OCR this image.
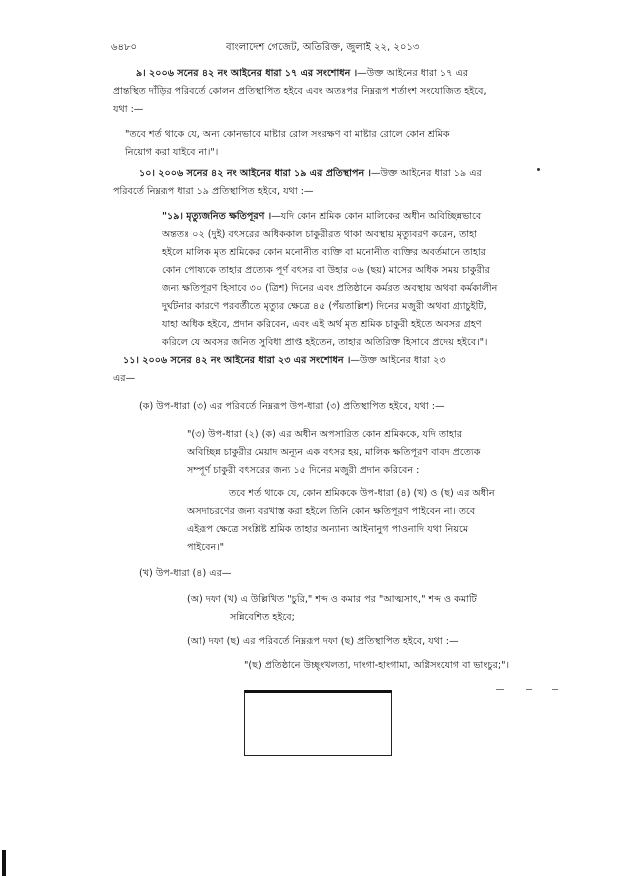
৬৪৮০	বাংলাদেশ গেজেট, অতিরিক্ত, জুলাই ২২, ২০১৩
৯। ২০০৬ সনের ৪২ নং আইনের ধারা ১৭ এর সংশোধন ।—উক্ত আইনের ধারা ১৭ এর
প্রান্তস্থিত দাঁড়ির পরিবর্তে কোলন প্রতিস্থাপিত হইবে এবং অতঃপর নিম্নরূপ শর্তাংশ সংযোজিত হইবে,
যথা :—
"তবে শর্ত থাকে যে, অন্য কোনভাবে মাষ্টার রোল সংরক্ষণ বা মাষ্টার রোলে কোন শ্রমিক
নিয়োগ করা যাইবে না।"।
১০। ২০০৬ সনের ৪২ নং আইনের ধারা ১৯ এর প্রতিস্থাপন ।—উক্ত আইনের ধারা ১৯ এর
পরিবর্তে নিম্নরূপ ধারা ১৯ প্রতিস্থাপিত হইবে, যথা :—
"১৯। মৃত্যুজনিত ক্ষতিপূরণ ।—যদি কোন শ্রমিক কোন মালিকের অধীন অবিচ্ছিন্নভাবে
অন্ততঃ ০২ (দুই) বৎসরের অধিককাল চাকুরীরত থাকা অবস্থায় মৃত্যুবরণ করেন, তাহা
হইলে মালিক মৃত শ্রমিকের কোন মনোনীত ব্যক্তি বা মনোনীত ব্যক্তির অবর্তমানে তাহার
কোন পোষ্যকে তাহার প্রত্যেক পূর্ণ বৎসর বা উহার ০৬ (ছয়) মাসের অধিক সময় চাকুরীর
জন্য ক্ষতিপূরণ হিসাবে ৩০ (ত্রিশ) দিনের এবং প্রতিষ্ঠানে কর্মরত অবস্থায় অথবা কর্মকালীন
দুর্ঘটনার কারণে পরবর্তীতে মৃত্যুর ক্ষেত্রে ৪৫ (পঁয়তাল্লিশ) দিনের মজুরী অথবা গ্র্যাচুইটি,
যাহা অধিক হইবে, প্রদান করিবেন, এবং এই অর্থ মৃত শ্রমিক চাকুরী হইতে অবসর গ্রহণ
করিলে যে অবসর জনিত সুবিধা প্রাপ্ত হইতেন, তাহার অতিরিক্ত হিসাবে প্রদেয় হইবে।"।
১১। ২০০৬ সনের ৪২ নং আইনের ধারা ২৩ এর সংশোধন ।—উক্ত আইনের ধারা ২৩
এর—
(ক) উপ-ধারা (৩) এর পরিবর্তে নিম্নরূপ উপ-ধারা (৩) প্রতিস্থাপিত হইবে, যথা :—
"(৩) উপ-ধারা (২) (ক) এর অধীন অপসারিত কোন শ্রমিককে, যদি তাহার
অবিচ্ছিন্ন চাকুরীর মেয়াদ অন্যূন এক বৎসর হয়, মালিক ক্ষতিপূরণ বাবদ প্রত্যেক
সম্পূর্ণ চাকুরী বৎসরের জন্য ১৫ দিনের মজুরী প্রদান করিবেন :
তবে শর্ত থাকে যে, কোন শ্রমিককে উপ-ধারা (৪) (খ) ও (ছ) এর অধীন
অসদাচরণের জন্য বরখাস্ত করা হইলে তিনি কোন ক্ষতিপূরণ পাইবেন না। তবে
এইরূপ ক্ষেত্রে সংশ্লিষ্ট শ্রমিক তাহার অন্যান্য আইনানুগ পাওনাদি যথা নিয়মে
পাইবেন।"
(খ) উপ-ধারা (৪) এর—
(অ) দফা (খ) এ উল্লিখিত "চুরি," শব্দ ও কমার পর "আত্মসাৎ," শব্দ ও কমাটি
সন্নিবেশিত হইবে;
(আ) দফা (ছ) এর পরিবর্তে নিম্নরূপ দফা (ছ) প্রতিস্থাপিত হইবে, যথা :—
"(ছ) প্রতিষ্ঠানে উচ্ছৃংখলতা, দাংগা-হাংগামা, অগ্নিসংযোগ বা ভাংচুর;"।
